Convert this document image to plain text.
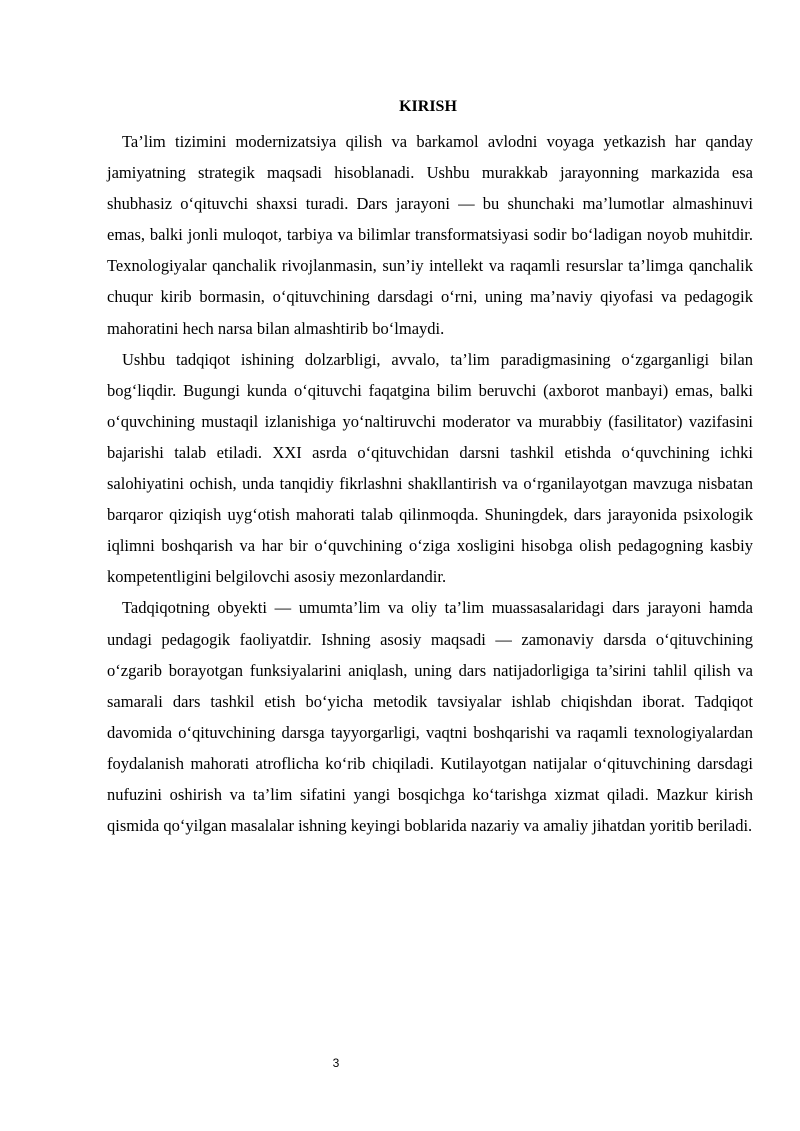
KIRISH

Ta’lim tizimini modernizatsiya qilish va barkamol avlodni voyaga yetkazish har qanday jamiyatning strategik maqsadi hisoblanadi. Ushbu murakkab jarayonning markazida esa shubhasiz o‘qituvchi shaxsi turadi. Dars jarayoni — bu shunchaki ma’lumotlar almashinuvi emas, balki jonli muloqot, tarbiya va bilimlar transformatsiyasi sodir bo‘ladigan noyob muhitdir. Texnologiyalar qanchalik rivojlanmasin, sun’iy intellekt va raqamli resurslar ta’limga qanchalik chuqur kirib bormasin, o‘qituvchining darsdagi o‘rni, uning ma’naviy qiyofasi va pedagogik mahoratini hech narsa bilan almashtirib bo‘lmaydi.

Ushbu tadqiqot ishining dolzarbligi, avvalo, ta’lim paradigmasining o‘zgarganligi bilan bog‘liqdir. Bugungi kunda o‘qituvchi faqatgina bilim beruvchi (axborot manbayi) emas, balki o‘quvchining mustaqil izlanishiga yo‘naltiruvchi moderator va murabbiy (fasilitator) vazifasini bajarishi talab etiladi. XXI asrda o‘qituvchidan darsni tashkil etishda o‘quvchining ichki salohiyatini ochish, unda tanqidiy fikrlashni shakllantirish va o‘rganilayotgan mavzuga nisbatan barqaror qiziqish uyg‘otish mahorati talab qilinmoqda. Shuningdek, dars jarayonida psixologik iqlimni boshqarish va har bir o‘quvchining o‘ziga xosligini hisobga olish pedagogning kasbiy kompetentligini belgilovchi asosiy mezonlardandir.

Tadqiqotning obyekti — umumta’lim va oliy ta’lim muassasalaridagi dars jarayoni hamda undagi pedagogik faoliyatdir. Ishning asosiy maqsadi — zamonaviy darsda o‘qituvchining o‘zgarib borayotgan funksiyalarini aniqlash, uning dars natijadorligiga ta’sirini tahlil qilish va samarali dars tashkil etish bo‘yicha metodik tavsiyalar ishlab chiqishdan iborat. Tadqiqot davomida o‘qituvchining darsga tayyorgarligi, vaqtni boshqarishi va raqamli texnologiyalardan foydalanish mahorati atroflicha ko‘rib chiqiladi. Kutilayotgan natijalar o‘qituvchining darsdagi nufuzini oshirish va ta’lim sifatini yangi bosqichga ko‘tarishga xizmat qiladi. Mazkur kirish qismida qo‘yilgan masalalar ishning keyingi boblarida nazariy va amaliy jihatdan yoritib beriladi.

3
